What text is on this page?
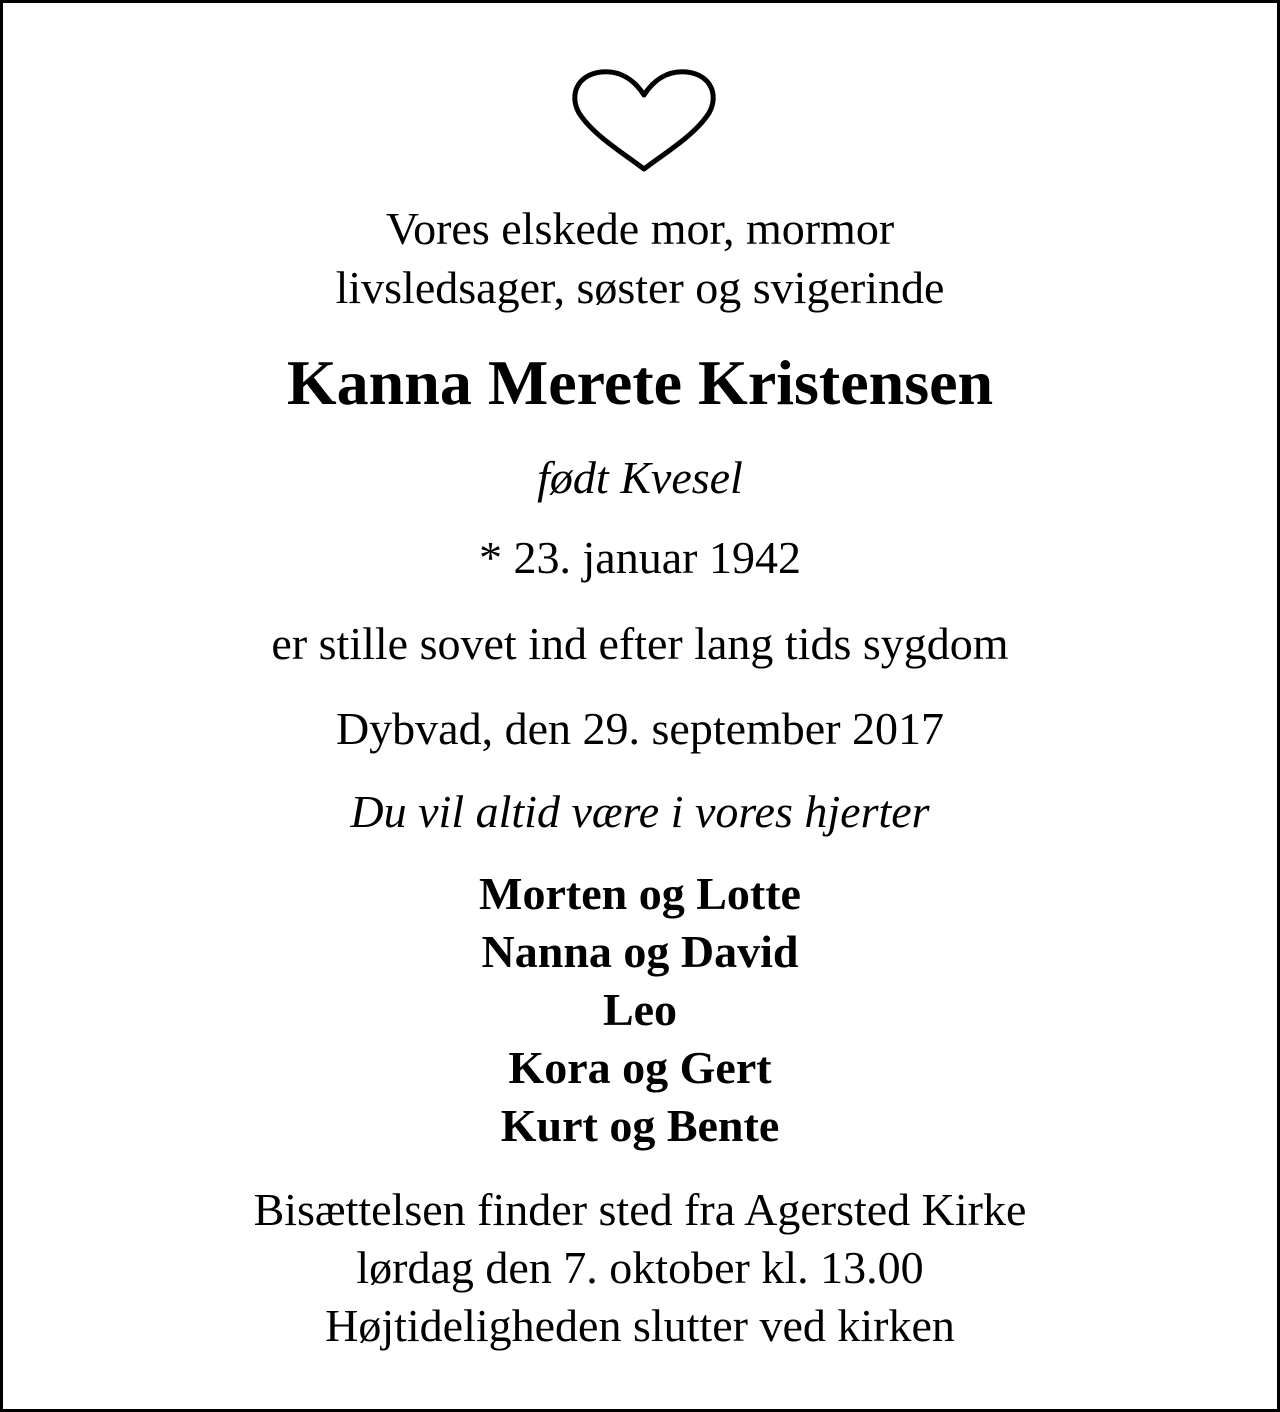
Vores elskede mor, mormor
livsledsager, søster og svigerinde
Kanna Merete Kristensen
født Kvesel
* 23. januar 1942
er stille sovet ind efter lang tids sygdom
Dybvad, den 29. september 2017
Du vil altid være i vores hjerter
Morten og Lotte
Nanna og David
Leo
Kora og Gert
Kurt og Bente
Bisættelsen finder sted fra Agersted Kirke
lørdag den 7. oktober kl. 13.00
Højtideligheden slutter ved kirken
